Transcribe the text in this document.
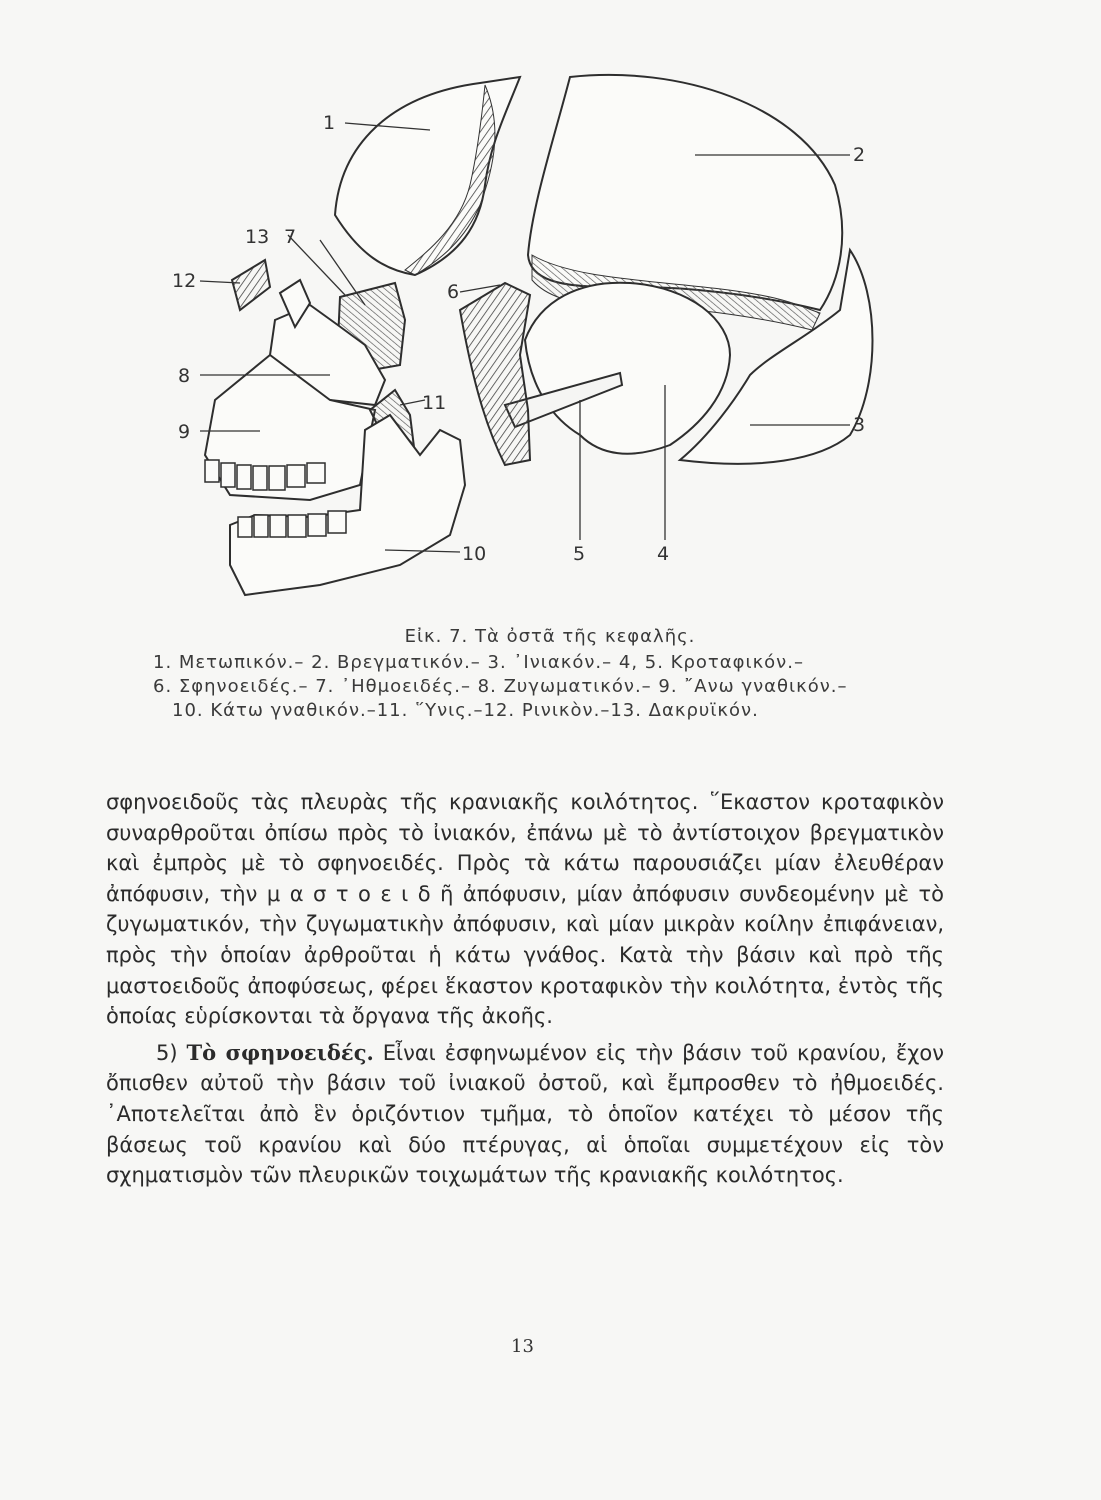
1
2
3
4
5
6
7
8
9
10
11
12
13
Εἰκ. 7. Τὰ ὀστᾶ τῆς κεφαλῆς.
1. Μετωπικόν.– 2. Βρεγματικόν.– 3. ᾿Ινιακόν.– 4, 5. Κροταφικόν.–
6. Σφηνοειδές.– 7. ᾿Ηθμοειδές.– 8. Ζυγωματικόν.– 9. ῎Ανω γναθικόν.–
10. Κάτω γναθικόν.–11. ῞Υνις.–12. Ρινικὸν.–13. Δακρυϊκόν.

σφηνοειδοῦς τὰς πλευρὰς τῆς κρανιακῆς κοιλότητος. ῞Εκαστον κροταφικὸν συναρθροῦται ὀπίσω πρὸς τὸ ἰνιακόν, ἐπάνω μὲ τὸ ἀντίστοιχον βρεγματικὸν καὶ ἐμπρὸς μὲ τὸ σφηνοειδές. Πρὸς τὰ κάτω παρουσιάζει μίαν ἐλευθέραν ἀπόφυσιν, τὴν μ α σ τ ο ε ι δ ῆ ἀπόφυσιν, μίαν ἀπόφυσιν συνδεομένην μὲ τὸ ζυγωματικόν, τὴν ζυγωματικὴν ἀπόφυσιν, καὶ μίαν μικρὰν κοίλην ἐπιφάνειαν, πρὸς τὴν ὁποίαν ἀρθροῦται ἡ κάτω γνάθος. Κατὰ τὴν βάσιν καὶ πρὸ τῆς μαστοειδοῦς ἀποφύσεως, φέρει ἕκαστον κροταφικὸν τὴν κοιλότητα, ἐντὸς τῆς ὁποίας εὑρίσκονται τὰ ὄργανα τῆς ἀκοῆς.

5) Τὸ σφηνοειδές. Εἶναι ἐσφηνωμένον εἰς τὴν βάσιν τοῦ κρανίου, ἔχον ὄπισθεν αὐτοῦ τὴν βάσιν τοῦ ἰνιακοῦ ὀστοῦ, καὶ ἔμπροσθεν τὸ ἠθμοειδές. ᾿Αποτελεῖται ἀπὸ ἓν ὁριζόντιον τμῆμα, τὸ ὁποῖον κατέχει τὸ μέσον τῆς βάσεως τοῦ κρανίου καὶ δύο πτέρυγας, αἱ ὁποῖαι συμμετέχουν εἰς τὸν σχηματισμὸν τῶν πλευρικῶν τοιχωμάτων τῆς κρανιακῆς κοιλότητος.

13
